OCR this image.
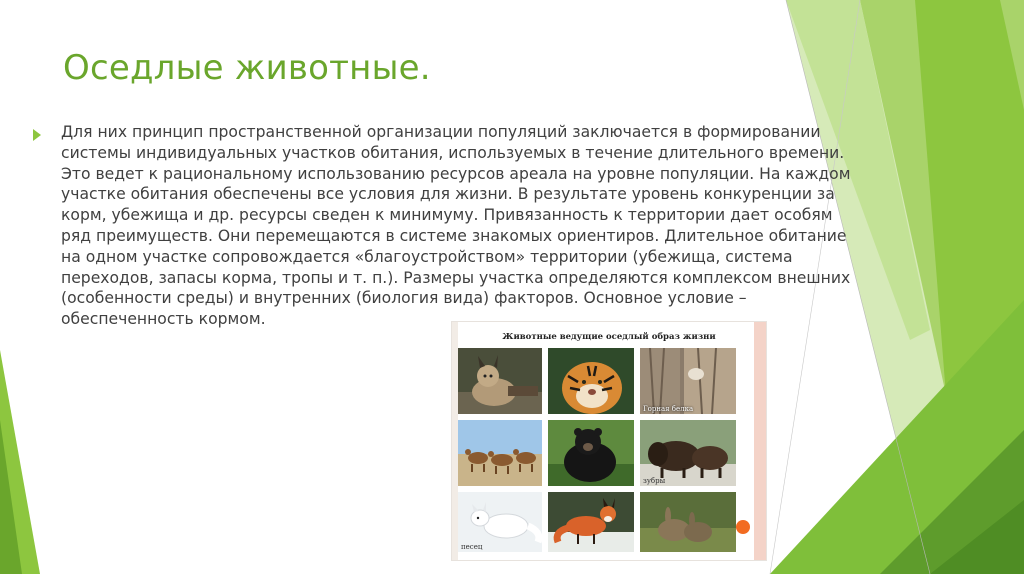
Оседлые животные.
Для них принцип пространственной организации популяций заключается в формировании
системы индивидуальных участков обитания, используемых в течение длительного времени.
Это ведет к рациональному использованию ресурсов ареала на уровне популяции. На каждом
участке обитания обеспечены все условия для жизни. В результате уровень конкуренции за
корм, убежища и др. ресурсы сведен к минимуму. Привязанность к территории дает особям
ряд преимуществ. Они перемещаются в системе знакомых ориентиров. Длительное обитание
на одном участке сопровождается «благоустройством» территории (убежища, система
переходов, запасы корма, тропы и т. п.). Размеры участка определяются комплексом внешних
(особенности среды) и внутренних (биология вида) факторов. Основное условие –
обеспеченность кормом.
Животные ведущие оседлый образ жизни
Горная белка
зубры
песец
